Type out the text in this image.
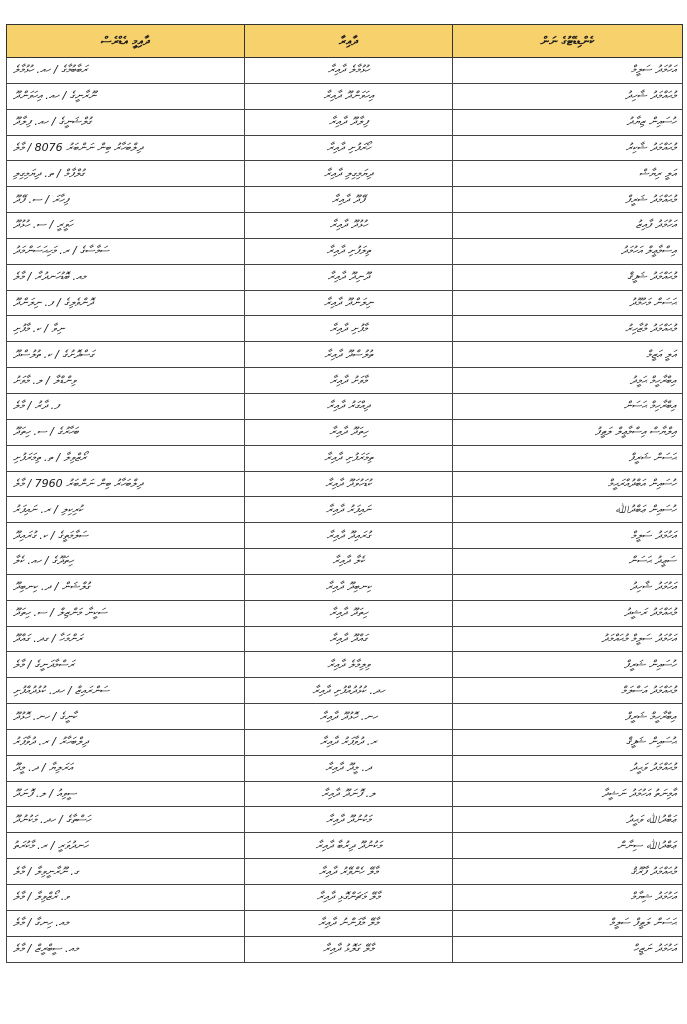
ކެންޑިޑޭޓުގެ ނަން	ދާއިރާ	ދާއިމީ އެޑްރެސް
އަހުމަދު ސަލީމް	ހުޅުމާލެ ދާއިރާ	ރަބާބުމާގެ / ހއ. ހުޅުމާލެ
މުޙައްމަދު ޝާހިދު	އިހަވަންދޫ ދާއިރާ	ނޫރާނީގެ / ހއ. އިހަވަންދޫ
ހުސައިން ޒިޔާދު	ފިލާދޫ ދާއިރާ	ގުލްޝަނީގެ / ހއ. ފިލާދޫ
މުޙައްމަދު ޝާކިރު	ހޯރަފުށި ދާއިރާ	ދިލްބަހާރު ބިން ނަންބަރު 8076 / މާލެ
އަލީ ރިޔާޟް	ދިޔަމިގިލި ދާއިރާ	ގުލްފާމް / ތ. ދިޔަމިގިލި
މުޙައްމަދު ޝަރީފް	ފޭދޫ ދާއިރާ	ފިހާރަ / ސ. ފޭދޫ
އަހުމަދު ފާއިޒު	ހުޅުދޫ ދާއިރާ	ހަވީރީ / ސ. ހުޅުދޫ
އިސްމާޢީލް އަހުމަދު	ތިލަފުށި ދާއިރާ	ސަމާސާގެ / ރ. މަހިޙަސަންމަދު
މުޙައްމަދު ޝަފީޤް	ދޫނިދޫ ދާއިރާ	މއ. ބޮޑުހަނދުރާ / މާލެ
ޙަސަން މަހުމޫދު	ނިލަންދޫ ދާއިރާ	ދޮންވެލިގެ / ފ. ނިލަންދޫ
މުޙައްމަދު މުޒާހިރު	މާފުށި ދާއިރާ	ނިވާ / ކ. މާފުށި
އަލީ އަޒީމް	ތުލުސްދޫ ދާއިރާ	ގަސްދޮށުގެ / ކ. ތުލުސްދޫ
އިބްރާހީމް ޙަމީދު	މާވަށު ދާއިރާ	ވިންޑްލާ / ލ. މާވަށު
އިބްރާހިމް ޙަސަން	ދިއްގަރު ދާއިރާ	ފ. ދާރު / މާލެ
އިލްޔާސް އިސްމާޢީލް ލަޠީފު	ހިތަދޫ ދާއިރާ	ބަހާރުގެ / ސ. ހިތަދޫ
ޙަސަން ޝަރީފް	ތިމަރަފުށި ދާއިރާ	ރޯޒްވިލާ / ތ. ތިމަރަފުށި
ހުސައިން އަބްދުއްރަޙީމް	ކުޑަހުވަދޫ ދާއިރާ	ދިލްބަހާރު ބިން ނަންބަރު 7960 / މާލެ
ހުސައިން ޢަބްދުﷲ	ނައިފަރު ދާއިރާ	ކުރިކިލި / ރ. ނައިފަރު
އަހުމަދު ސަލީމް	ގުރައިދޫ ދާއިރާ	ސަލާމަތީގެ / ކ. ގުރައިދޫ
ސަޢީދު ޙަސަން	ކެލާ ދާއިރާ	ހިތަދޫގެ / ހއ. ކެލާ
އަހުމަދު ޝާހިދު	ކިނބިދޫ ދާއިރާ	ގުލްޝަން / ދ. ކިނބިދޫ
މުޙައްމަދު ރަޝީދު	ހިތަދޫ ދާއިރާ	ސަކީނާ މަންޒިލް / ސ. ހިތަދޫ
އަހުމަދު ސަލީމް މުޙައްމަދު	ގައްދޫ ދާއިރާ	ރަންމަހާ / ގދ. ގައްދޫ
ހުސައިން ޝަރީފް	ވިލިމާލެ ދާއިރާ	ރަސްމާދަނީގެ / މާލެ
މުޙައްމަދު އަސްލަމް	ހދ. ކުޅުދުއްފުށި ދާއިރާ	ސަންރައިޒް / ހދ. ކުޅުދުއްފުށި
އިބްރާހީމް ޝަރީފް	ހނ. ހޮޅުދޫ ދާއިރާ	ކާނީގެ / ހނ. ހޮޅުދޫ
ޙުސައިން ޝަފީޤް	ރ. ދުވާފަރު ދާއިރާ	ދިލްބަހާރު / ރ. ދުވާފަރު
މުޙައްމަދު ވަޙީދު	ދ. މީދޫ ދާއިރާ	އަރަލިޔާ / ދ. މީދޫ
އާމިނަތު އަހުމަދު ނަޝީދާ	ލ. ފޮނަދޫ ދާއިރާ	ސީވިއު / ލ. ފޮނަދޫ
ޢަބްދުﷲ ވަޙީދު	މަކުނުދޫ ދާއިރާ	ހަސްތާގެ / ހދ. މަކުނުދޫ
ޢަބްދުﷲ ސިނާން	މަކުނުދޫ ދިރުބާ ދާއިރާ	ހަނދުވަރީ / ރ. މާކުރަތު
މުޙައްމަދު ފާރޫޤު	މާލޭ ހެންވޭރު ދާއިރާ	ގ. ނޫރާނީވިލާ / މާލެ
އަހުމަދު ޝިޔާމް	މާލޭ މަޗަންގޮޅި ދާއިރާ	ވ. ރޯޒްވިލާ / މާލެ
ޙަސަން ލަޠީފް ސަލީމް	މާލޭ މާފަންނު ދާއިރާ	މއ. ހިނގާ / މާލެ
އަހުމަދު ނަޒީހް	މާލޭ ގަލޮޅު ދާއިރާ	މއ. ސީބްރީޒް / މާލެ
